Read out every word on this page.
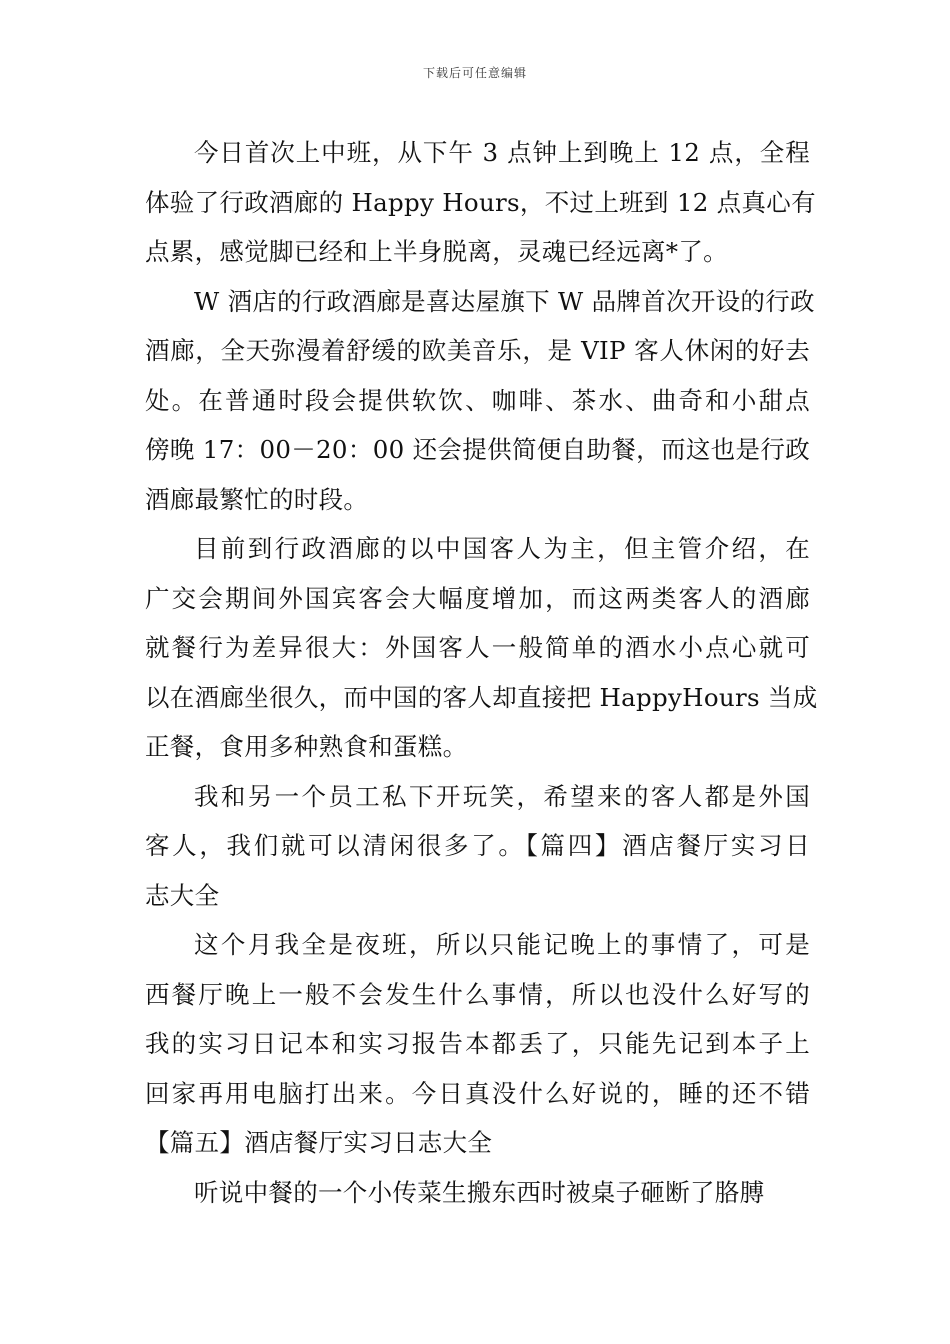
下载后可任意编辑

今日首次上中班，从下午 3 点钟上到晚上 12 点，全程
体验了行政酒廊的 Happy Hours，不过上班到 12 点真心有
点累，感觉脚已经和上半身脱离，灵魂已经远离*了。

W 酒店的行政酒廊是喜达屋旗下 W 品牌首次开设的行政
酒廊，全天弥漫着舒缓的欧美音乐，是 VIP 客人休闲的好去
处。在普通时段会提供软饮、咖啡、茶水、曲奇和小甜点
傍晚 17：00－20：00 还会提供简便自助餐，而这也是行政
酒廊最繁忙的时段。

目前到行政酒廊的以中国客人为主，但主管介绍，在
广交会期间外国宾客会大幅度增加，而这两类客人的酒廊
就餐行为差异很大：外国客人一般简单的酒水小点心就可
以在酒廊坐很久，而中国的客人却直接把 HappyHours 当成
正餐，食用多种熟食和蛋糕。

我和另一个员工私下开玩笑，希望来的客人都是外国
客人，我们就可以清闲很多了。【篇四】酒店餐厅实习日
志大全

这个月我全是夜班，所以只能记晚上的事情了，可是
西餐厅晚上一般不会发生什么事情，所以也没什么好写的
我的实习日记本和实习报告本都丢了，只能先记到本子上
回家再用电脑打出来。今日真没什么好说的，睡的还不错
【篇五】酒店餐厅实习日志大全

听说中餐的一个小传菜生搬东西时被桌子砸断了胳膊
